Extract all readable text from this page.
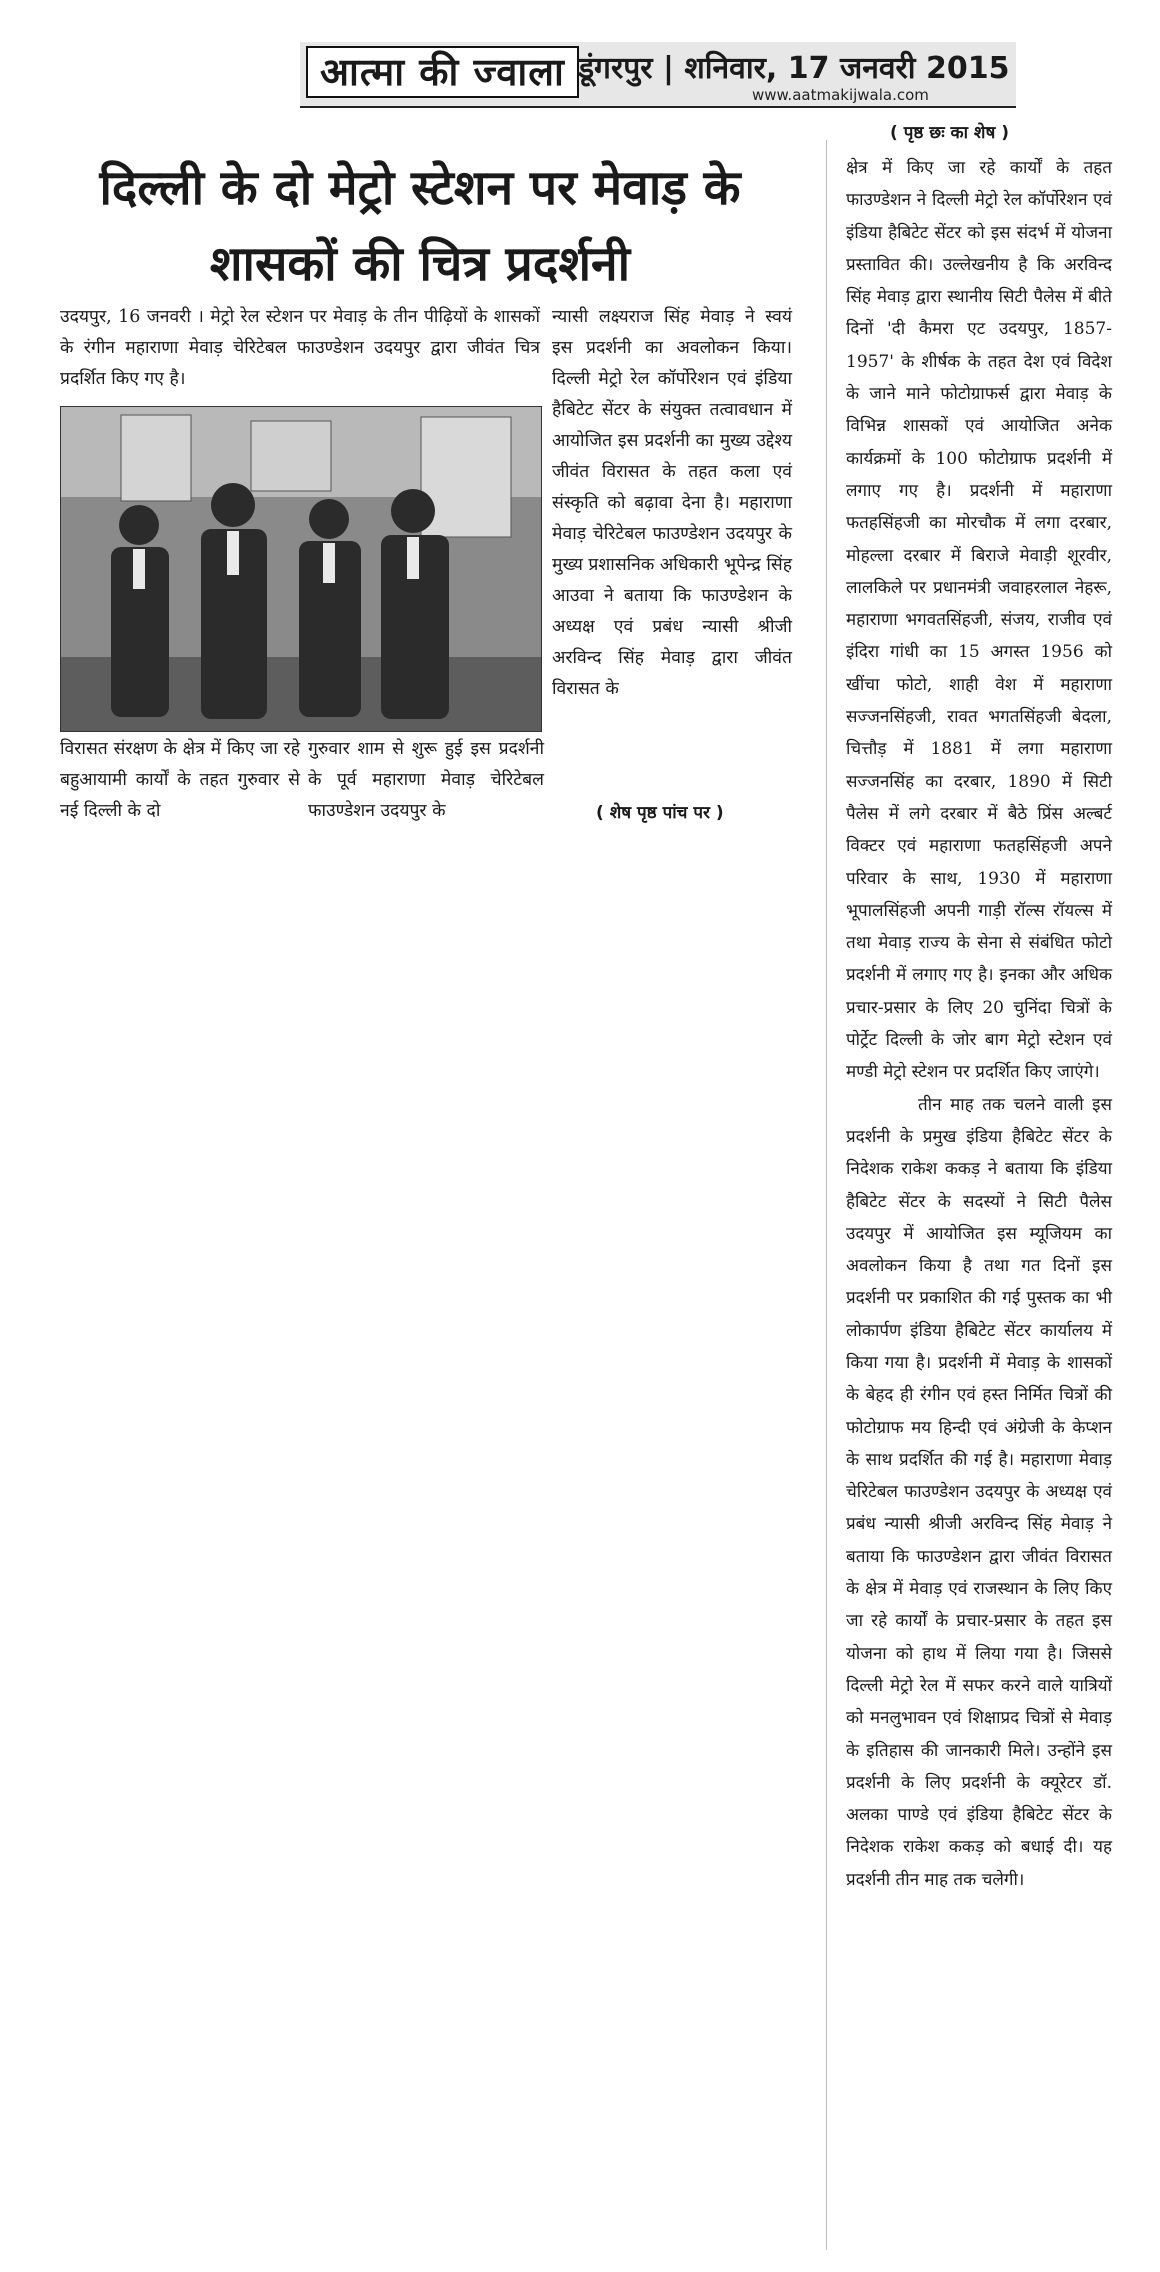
आत्मा की ज्वाला डूंगरपुर | शनिवार, 17 जनवरी 2015
www.aatmakijwala.com
( पृष्ठ छः का शेष )
दिल्ली के दो मेट्रो स्टेशन पर मेवाड़ के शासकों की चित्र प्रदर्शनी
उदयपुर, 16 जनवरी । मेट्रो रेल स्टेशन पर मेवाड़ के तीन पीढ़ियों के शासकों के रंगीन महाराणा मेवाड़ चेरिटेबल फाउण्डेशन उदयपुर द्वारा जीवंत चित्र प्रदर्शित किए गए है।
न्यासी लक्ष्यराज सिंह मेवाड़ ने स्वयं इस प्रदर्शनी का अवलोकन किया। दिल्ली मेट्रो रेल कॉर्पोरेशन एवं इंडिया हैबिटेट सेंटर के संयुक्त तत्वावधान में आयोजित इस प्रदर्शनी का मुख्य उद्देश्य जीवंत विरासत के तहत कला एवं संस्कृति को बढ़ावा देना है। महाराणा मेवाड़ चेरिटेबल फाउण्डेशन उदयपुर के मुख्य प्रशासनिक अधिकारी भूपेन्द्र सिंह आउवा ने बताया कि फाउण्डेशन के अध्यक्ष एवं प्रबंध न्यासी श्रीजी अरविन्द सिंह मेवाड़ द्वारा जीवंत विरासत के
विरासत संरक्षण के क्षेत्र में किए जा रहे बहुआयामी कार्यों के तहत गुरुवार से नई दिल्ली के दो
गुरुवार शाम से शुरू हुई इस प्रदर्शनी के पूर्व महाराणा मेवाड़ चेरिटेबल फाउण्डेशन उदयपुर के	( शेष पृष्ठ पांच पर )
क्षेत्र में किए जा रहे कार्यों के तहत फाउण्डेशन ने दिल्ली मेट्रो रेल कॉर्पोरेशन एवं इंडिया हैबिटेट सेंटर को इस संदर्भ में योजना प्रस्तावित की। उल्लेखनीय है कि अरविन्द सिंह मेवाड़ द्वारा स्थानीय सिटी पैलेस में बीते दिनों 'दी कैमरा एट उदयपुर, 1857-1957' के शीर्षक के तहत देश एवं विदेश के जाने माने फोटोग्राफर्स द्वारा मेवाड़ के विभिन्न शासकों एवं आयोजित अनेक कार्यक्रमों के 100 फोटोग्राफ प्रदर्शनी में लगाए गए है। प्रदर्शनी में महाराणा फतहसिंहजी का मोरचौक में लगा दरबार, मोहल्ला दरबार में बिराजे मेवाड़ी शूरवीर, लालकिले पर प्रधानमंत्री जवाहरलाल नेहरू, महाराणा भगवतसिंहजी, संजय, राजीव एवं इंदिरा गांधी का 15 अगस्त 1956 को खींचा फोटो, शाही वेश में महाराणा सज्जनसिंहजी, रावत भगतसिंहजी बेदला, चित्तौड़ में 1881 में लगा महाराणा सज्जनसिंह का दरबार, 1890 में सिटी पैलेस में लगे दरबार में बैठे प्रिंस अल्बर्ट विक्टर एवं महाराणा फतहसिंहजी अपने परिवार के साथ, 1930 में महाराणा भूपालसिंहजी अपनी गाड़ी रॉल्स रॉयल्स में तथा मेवाड़ राज्य के सेना से संबंधित फोटो प्रदर्शनी में लगाए गए है। इनका और अधिक प्रचार-प्रसार के लिए 20 चुनिंदा चित्रों के पोर्ट्रेट दिल्ली के जोर बाग मेट्रो स्टेशन एवं मण्डी मेट्रो स्टेशन पर प्रदर्शित किए जाएंगे।
तीन माह तक चलने वाली इस प्रदर्शनी के प्रमुख इंडिया हैबिटेट सेंटर के निदेशक राकेश ककड़ ने बताया कि इंडिया हैबिटेट सेंटर के सदस्यों ने सिटी पैलेस उदयपुर में आयोजित इस म्यूजियम का अवलोकन किया है तथा गत दिनों इस प्रदर्शनी पर प्रकाशित की गई पुस्तक का भी लोकार्पण इंडिया हैबिटेट सेंटर कार्यालय में किया गया है। प्रदर्शनी में मेवाड़ के शासकों के बेहद ही रंगीन एवं हस्त निर्मित चित्रों की फोटोग्राफ मय हिन्दी एवं अंग्रेजी के केप्शन के साथ प्रदर्शित की गई है। महाराणा मेवाड़ चेरिटेबल फाउण्डेशन उदयपुर के अध्यक्ष एवं प्रबंध न्यासी श्रीजी अरविन्द सिंह मेवाड़ ने बताया कि फाउण्डेशन द्वारा जीवंत विरासत के क्षेत्र में मेवाड़ एवं राजस्थान के लिए किए जा रहे कार्यों के प्रचार-प्रसार के तहत इस योजना को हाथ में लिया गया है। जिससे दिल्ली मेट्रो रेल में सफर करने वाले यात्रियों को मनलुभावन एवं शिक्षाप्रद चित्रों से मेवाड़ के इतिहास की जानकारी मिले। उन्होंने इस प्रदर्शनी के लिए प्रदर्शनी के क्यूरेटर डॉ. अलका पाण्डे एवं इंडिया हैबिटेट सेंटर के निदेशक राकेश ककड़ को बधाई दी। यह प्रदर्शनी तीन माह तक चलेगी।
